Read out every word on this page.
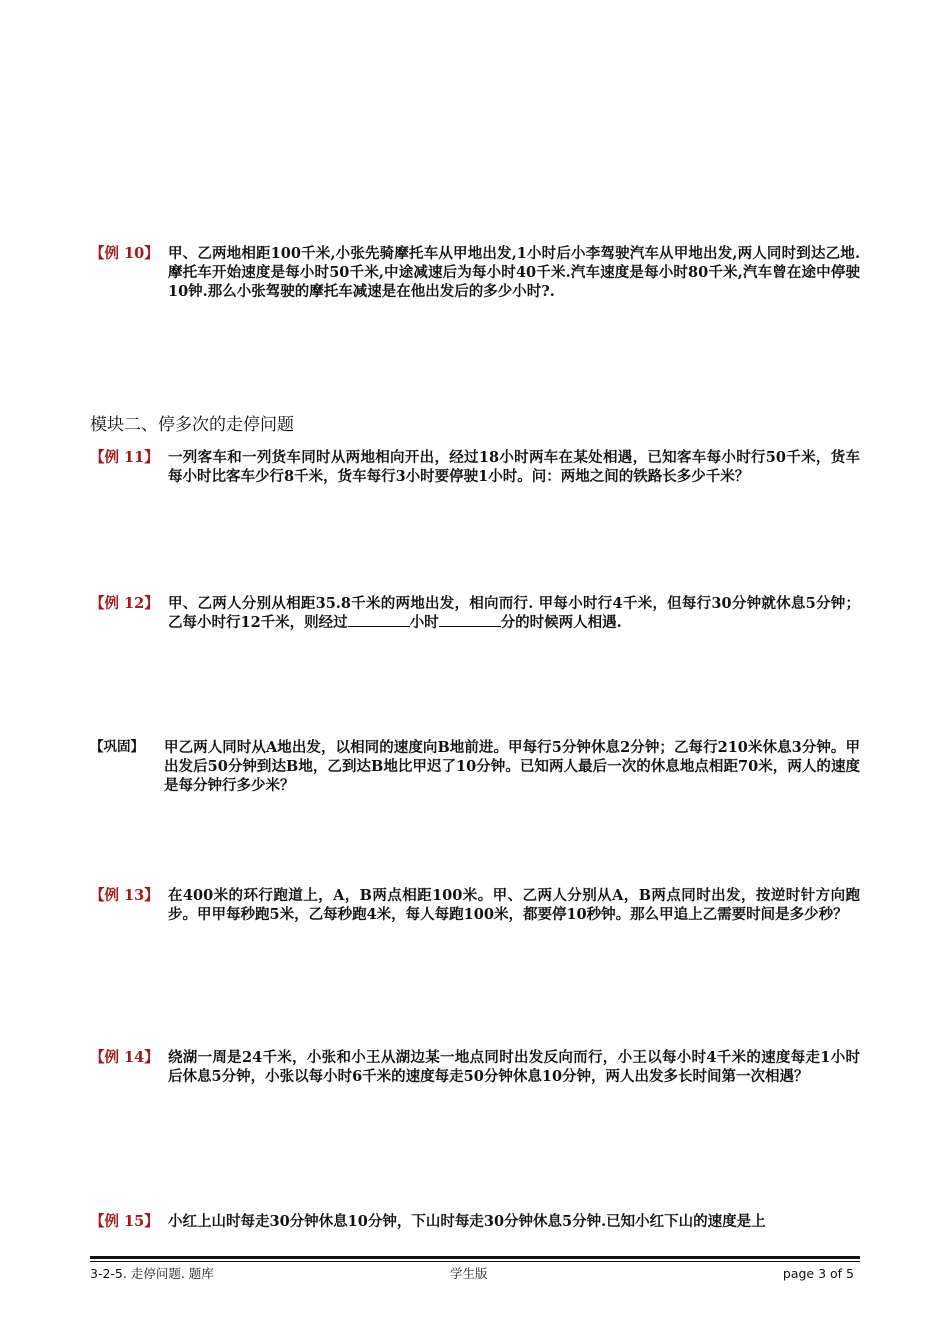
【例 10】 甲、乙两地相距100千米,小张先骑摩托车从甲地出发,1小时后小李驾驶汽车从甲地出发,两人同时到达乙地.摩托车开始速度是每小时50千米,中途减速后为每小时40千米.汽车速度是每小时80千米,汽车曾在途中停驶10钟.那么小张驾驶的摩托车减速是在他出发后的多少小时?.
模块二、停多次的走停问题
【例 11】 一列客车和一列货车同时从两地相向开出，经过18小时两车在某处相遇，已知客车每小时行50千米，货车每小时比客车少行8千米，货车每行3小时要停驶1小时。问：两地之间的铁路长多少千米？
【例 12】 甲、乙两人分别从相距35.8千米的两地出发，相向而行. 甲每小时行4千米，但每行30分钟就休息5分钟；乙每小时行12千米，则经过	小时	分的时候两人相遇.
【巩固】	甲乙两人同时从A地出发，以相同的速度向B地前进。甲每行5分钟休息2分钟；乙每行210米休息3分钟。甲出发后50分钟到达B地，乙到达B地比甲迟了10分钟。已知两人最后一次的休息地点相距70米，两人的速度是每分钟行多少米？
【例 13】 在400米的环行跑道上，A，B两点相距100米。甲、乙两人分别从A，B两点同时出发，按逆时针方向跑步。甲甲每秒跑5米，乙每秒跑4米，每人每跑100米，都要停10秒钟。那么甲追上乙需要时间是多少秒？
【例 14】 绕湖一周是24千米，小张和小王从湖边某一地点同时出发反向而行，小王以每小时4千米的速度每走1小时后休息5分钟，小张以每小时6千米的速度每走50分钟休息10分钟，两人出发多长时间第一次相遇？
【例 15】 小红上山时每走30分钟休息10分钟，下山时每走30分钟休息5分钟.已知小红下山的速度是上
3-2-5. 走停问题. 题库	学生版	page 3 of 5
